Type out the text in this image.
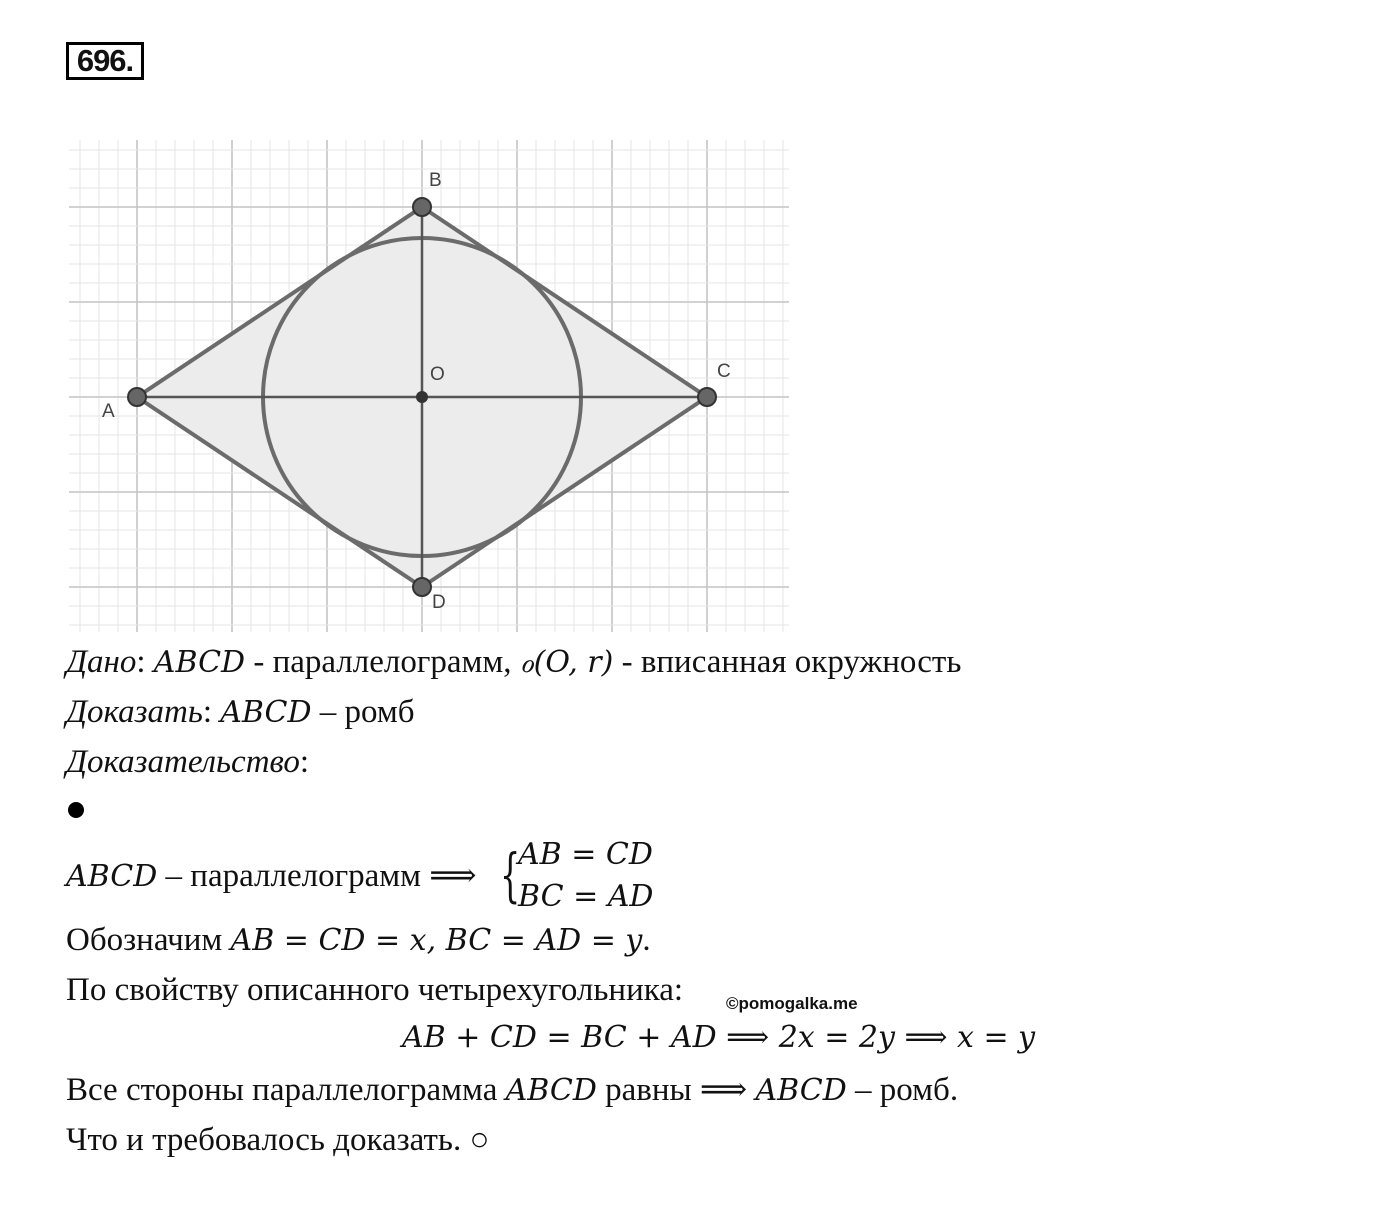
696.
A
B
C
D
O
Дано: ABCD - параллелограмм, ℴ(O, r) - вписанная окружность
Доказать: ABCD – ромб
Доказательство:
ABCD – параллелограмм ⟹ {
AB = CD
BC = AD
Обозначим AB = CD = x, BC = AD = y.
По свойству описанного четырехугольника:	©pomogalka.me
AB + CD = BC + AD ⟹ 2x = 2y ⟹ x = y
Все стороны параллелограмма ABCD равны ⟹ ABCD – ромб.
Что и требовалось доказать. ○
